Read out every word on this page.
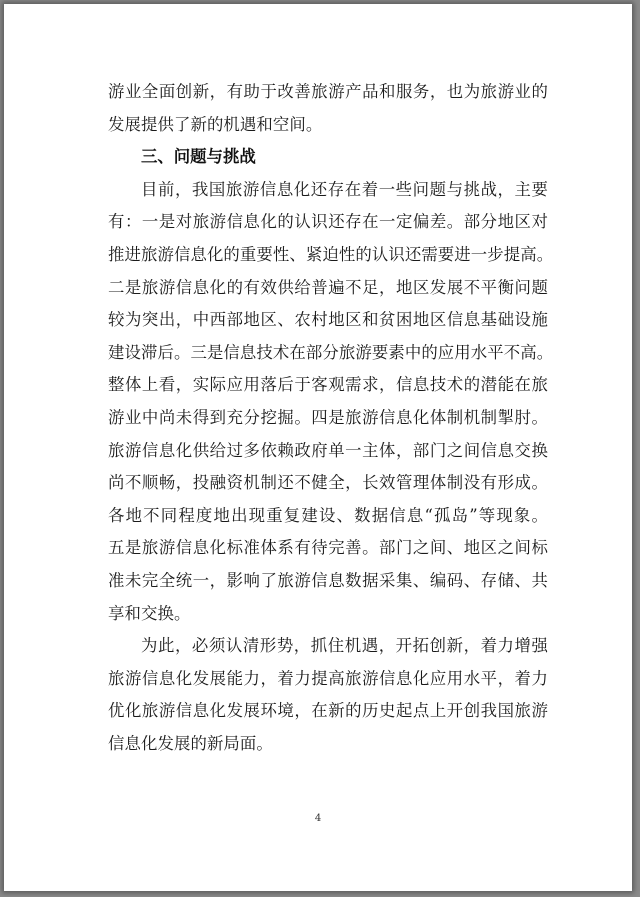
游业全面创新，有助于改善旅游产品和服务，也为旅游业的
发展提供了新的机遇和空间。
三、问题与挑战
目前，我国旅游信息化还存在着一些问题与挑战，主要
有：一是对旅游信息化的认识还存在一定偏差。部分地区对
推进旅游信息化的重要性、紧迫性的认识还需要进一步提高。
二是旅游信息化的有效供给普遍不足，地区发展不平衡问题
较为突出，中西部地区、农村地区和贫困地区信息基础设施
建设滞后。三是信息技术在部分旅游要素中的应用水平不高。
整体上看，实际应用落后于客观需求，信息技术的潜能在旅
游业中尚未得到充分挖掘。四是旅游信息化体制机制掣肘。
旅游信息化供给过多依赖政府单一主体，部门之间信息交换
尚不顺畅，投融资机制还不健全，长效管理体制没有形成。
各地不同程度地出现重复建设、数据信息“孤岛”等现象。
五是旅游信息化标准体系有待完善。部门之间、地区之间标
准未完全统一，影响了旅游信息数据采集、编码、存储、共
享和交换。
为此，必须认清形势，抓住机遇，开拓创新，着力增强
旅游信息化发展能力，着力提高旅游信息化应用水平，着力
优化旅游信息化发展环境，在新的历史起点上开创我国旅游
信息化发展的新局面。
4
